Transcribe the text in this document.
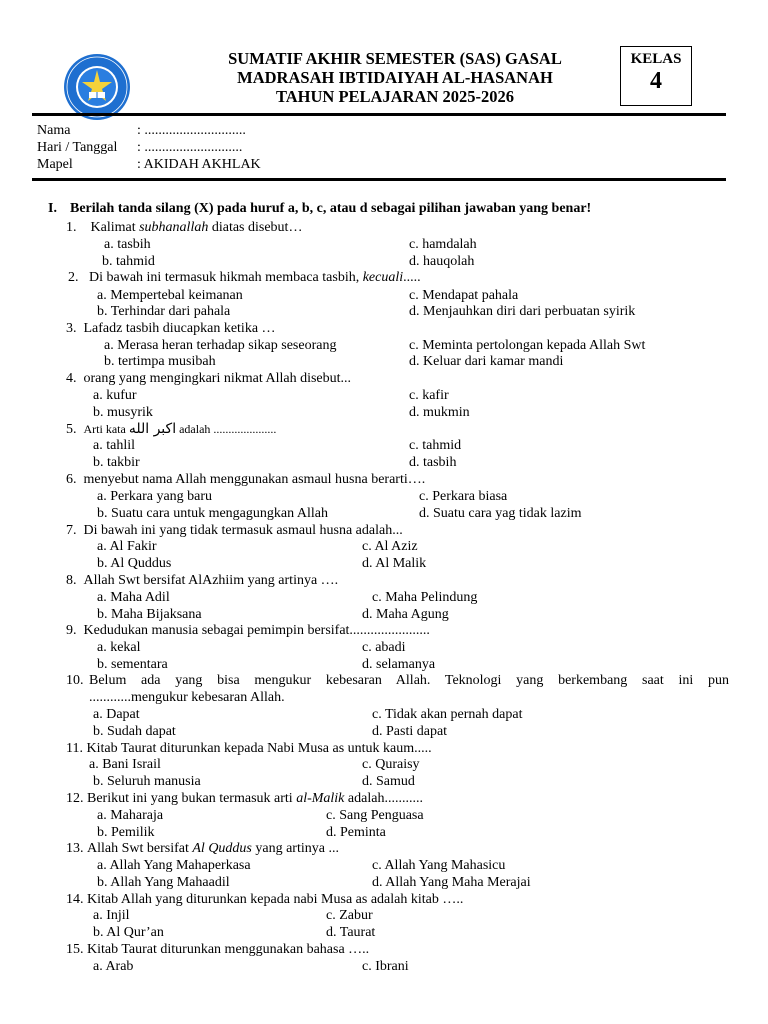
SUMATIF AKHIR SEMESTER (SAS) GASAL
MADRASAH IBTIDAIYAH AL-HASANAH
TAHUN PELAJARAN 2025-2026
KELAS
4
Nama	: .............................
Hari / Tanggal : ............................
Mapel	: AKIDAH AKHLAK
I. Berilah tanda silang (X) pada huruf a, b, c, atau d sebagai pilihan jawaban yang benar!
1. Kalimat subhanallah diatas disebut…
a. tasbih
b. tahmid
c. hamdalah
d. hauqolah
2. Di bawah ini termasuk hikmah membaca tasbih, kecuali.....
a. Mempertebal keimanan
b. Terhindar dari pahala
c. Mendapat pahala
d. Menjauhkan diri dari perbuatan syirik
3. Lafadz tasbih diucapkan ketika …
a. Merasa heran terhadap sikap seseorang
b. tertimpa musibah
c. Meminta pertolongan kepada Allah Swt
d. Keluar dari kamar mandi
4. orang yang mengingkari nikmat Allah disebut...
a. kufur
b. musyrik
c. kafir
d. mukmin
5. Arti kata اكبر الله adalah .....................
a. tahlil
b. takbir
c. tahmid
d. tasbih
6. menyebut nama Allah menggunakan asmaul husna berarti….
a. Perkara yang baru
b. Suatu cara untuk mengagungkan Allah
c. Perkara biasa
d. Suatu cara yag tidak lazim
7. Di bawah ini yang tidak termasuk asmaul husna adalah...
a. Al Fakir
b. Al Quddus
c. Al Aziz
d. Al Malik
8. Allah Swt bersifat AlAzhiim yang artinya ….
a. Maha Adil
b. Maha Bijaksana
c. Maha Pelindung
d. Maha Agung
9. Kedudukan manusia sebagai pemimpin bersifat.......................
a. kekal
b. sementara
c. abadi
d. selamanya
10. Belum ada yang bisa mengukur kebesaran Allah. Teknologi yang berkembang saat ini pun
............mengukur kebesaran Allah.
a. Dapat
b. Sudah dapat
c. Tidak akan pernah dapat
d. Pasti dapat
11. Kitab Taurat diturunkan kepada Nabi Musa as untuk kaum.....
a. Bani Israil
b. Seluruh manusia
c. Quraisy
d. Samud
12. Berikut ini yang bukan termasuk arti al-Malik adalah...........
a. Maharaja
b. Pemilik
c. Sang Penguasa
d. Peminta
13. Allah Swt bersifat Al Quddus yang artinya ...
a. Allah Yang Mahaperkasa
b. Allah Yang Mahaadil
c. Allah Yang Mahasicu
d. Allah Yang Maha Merajai
14. Kitab Allah yang diturunkan kepada nabi Musa as adalah kitab …..
a. Injil
b. Al Qur’an
c. Zabur
d. Taurat
15. Kitab Taurat diturunkan menggunakan bahasa …..
a. Arab	c. Ibrani
